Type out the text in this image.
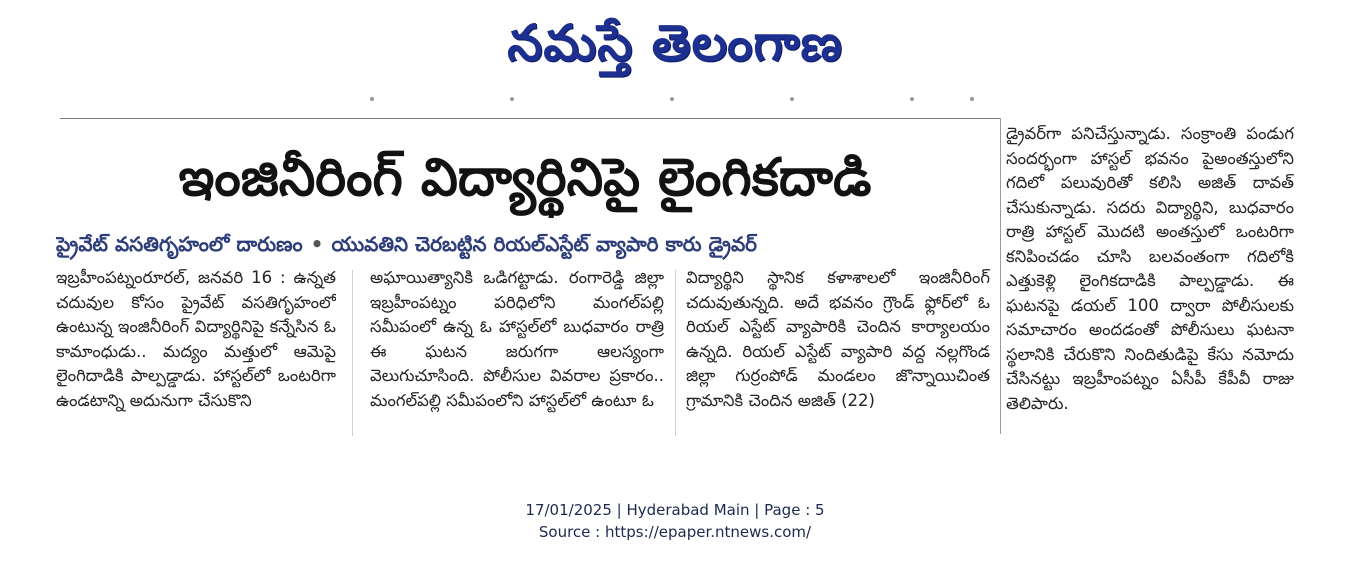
నమస్తే తెలంగాణ
ఇంజినీరింగ్ విద్యార్థినిపై లైంగికదాడి
ప్రైవేట్ వసతిగృహంలో దారుణం • యువతిని చెరబట్టిన రియల్ఎస్టేట్ వ్యాపారి కారు డ్రైవర్

ఇబ్రహీంపట్నంరూరల్, జనవరి 16 : ఉన్నత చదువుల కోసం ప్రైవేట్ వసతిగృహంలో ఉంటున్న ఇంజినీరింగ్ విద్యార్థినిపై కన్నేసిన ఓ కామాంధుడు.. మద్యం మత్తులో ఆమెపై లైంగిదాడికి పాల్పడ్డాడు. హాస్టల్‌లో ఒంటరిగా ఉండటాన్ని అదునుగా చేసుకొని

అఘాయిత్యానికి ఒడిగట్టాడు. రంగారెడ్డి జిల్లా ఇబ్రహీంపట్నం పరిధిలోని మంగల్‌పల్లి సమీపంలో ఉన్న ఓ హాస్టల్‌లో బుధవారం రాత్రి ఈ ఘటన జరుగగా ఆలస్యంగా వెలుగుచూసింది. పోలీసుల వివరాల ప్రకారం.. మంగల్‌పల్లి సమీపంలోని హాస్టల్‌లో ఉంటూ ఓ

విద్యార్థిని స్థానిక కళాశాలలో ఇంజినీరింగ్ చదువుతున్నది. అదే భవనం గ్రౌండ్ ఫ్లోర్‌లో ఓ రియల్ ఎస్టేట్ వ్యాపారికి చెందిన కార్యాలయం ఉన్నది. రియల్ ఎస్టేట్ వ్యాపారి వద్ద నల్లగొండ జిల్లా గుర్రంపోడ్ మండలం జొన్నాయిచింత గ్రామానికి చెందిన అజిత్ (22)

డ్రైవర్‌గా పనిచేస్తున్నాడు. సంక్రాంతి పండుగ సందర్భంగా హాస్టల్ భవనం పైఅంతస్తులోని గదిలో పలువురితో కలిసి అజిత్ దావత్ చేసుకున్నాడు. సదరు విద్యార్థిని, బుధవారం రాత్రి హాస్టల్ మొదటి అంతస్తులో ఒంటరిగా కనిపించడం చూసి బలవంతంగా గదిలోకి ఎత్తుకెళ్లి లైంగికదాడికి పాల్పడ్డాడు. ఈ ఘటనపై డయల్ 100 ద్వారా పోలీసులకు సమాచారం అందడంతో పోలీసులు ఘటనా స్థలానికి చేరుకొని నిందితుడిపై కేసు నమోదు చేసినట్టు ఇబ్రహీంపట్నం ఏసీపీ కేపీవీ రాజు తెలిపారు.

17/01/2025 | Hyderabad Main | Page : 5
Source : https://epaper.ntnews.com/
